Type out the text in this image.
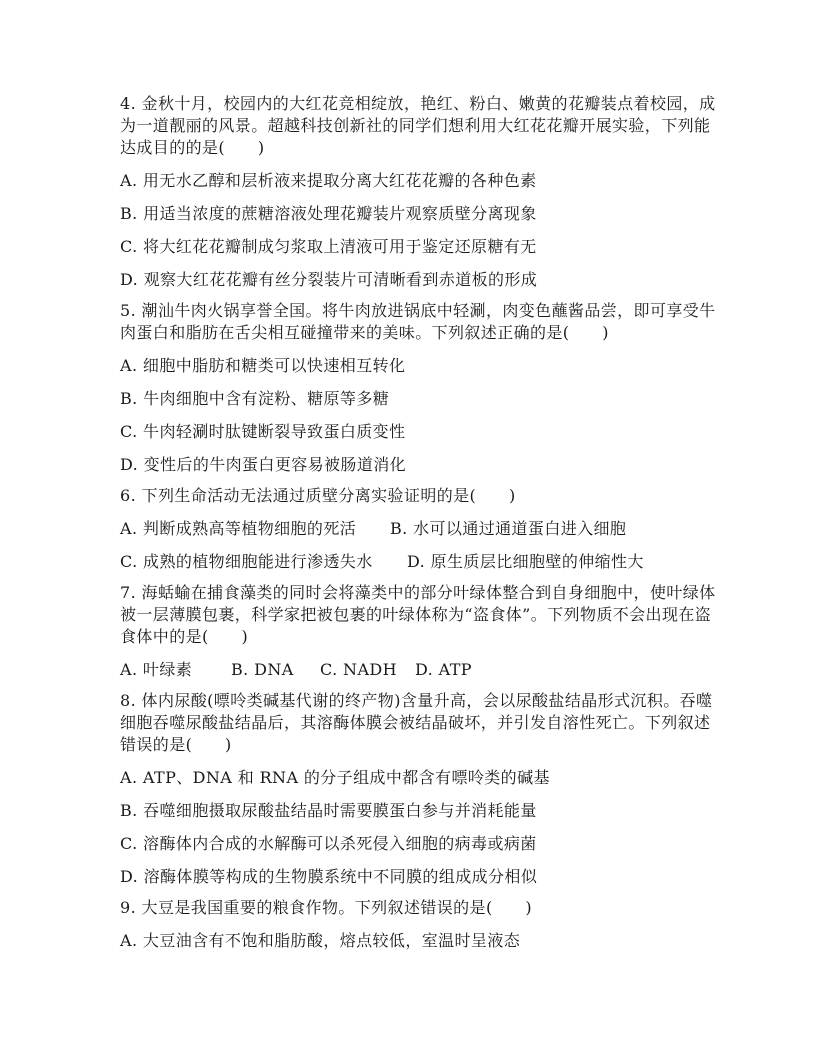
4. 金秋十月，校园内的大红花竞相绽放，艳红、粉白、嫩黄的花瓣装点着校园，成为一道靓丽的风景。超越科技创新社的同学们想利用大红花花瓣开展实验，下列能达成目的的是(　　)

A. 用无水乙醇和层析液来提取分离大红花花瓣的各种色素

B. 用适当浓度的蔗糖溶液处理花瓣装片观察质壁分离现象

C. 将大红花花瓣制成匀浆取上清液可用于鉴定还原糖有无

D. 观察大红花花瓣有丝分裂装片可清晰看到赤道板的形成

5. 潮汕牛肉火锅享誉全国。将牛肉放进锅底中轻涮，肉变色蘸酱品尝，即可享受牛肉蛋白和脂肪在舌尖相互碰撞带来的美味。下列叙述正确的是(　　)

A. 细胞中脂肪和糖类可以快速相互转化

B. 牛肉细胞中含有淀粉、糖原等多糖

C. 牛肉轻涮时肽键断裂导致蛋白质变性

D. 变性后的牛肉蛋白更容易被肠道消化

6. 下列生命活动无法通过质壁分离实验证明的是(　　)

A. 判断成熟高等植物细胞的死活	B. 水可以通过通道蛋白进入细胞
C. 成熟的植物细胞能进行渗透失水	D. 原生质层比细胞壁的伸缩性大

7. 海蛞蝓在捕食藻类的同时会将藻类中的部分叶绿体整合到自身细胞中，使叶绿体被一层薄膜包裹，科学家把被包裹的叶绿体称为“盗食体”。下列物质不会出现在盗食体中的是(　　)

A. 叶绿素	B. DNA	C. NADH	D. ATP

8. 体内尿酸(嘌呤类碱基代谢的终产物)含量升高，会以尿酸盐结晶形式沉积。吞噬细胞吞噬尿酸盐结晶后，其溶酶体膜会被结晶破坏，并引发自溶性死亡。下列叙述错误的是(　　)

A. ATP、DNA 和 RNA 的分子组成中都含有嘌呤类的碱基

B. 吞噬细胞摄取尿酸盐结晶时需要膜蛋白参与并消耗能量

C. 溶酶体内合成的水解酶可以杀死侵入细胞的病毒或病菌

D. 溶酶体膜等构成的生物膜系统中不同膜的组成成分相似

9. 大豆是我国重要的粮食作物。下列叙述错误的是(　　)

A. 大豆油含有不饱和脂肪酸，熔点较低，室温时呈液态
